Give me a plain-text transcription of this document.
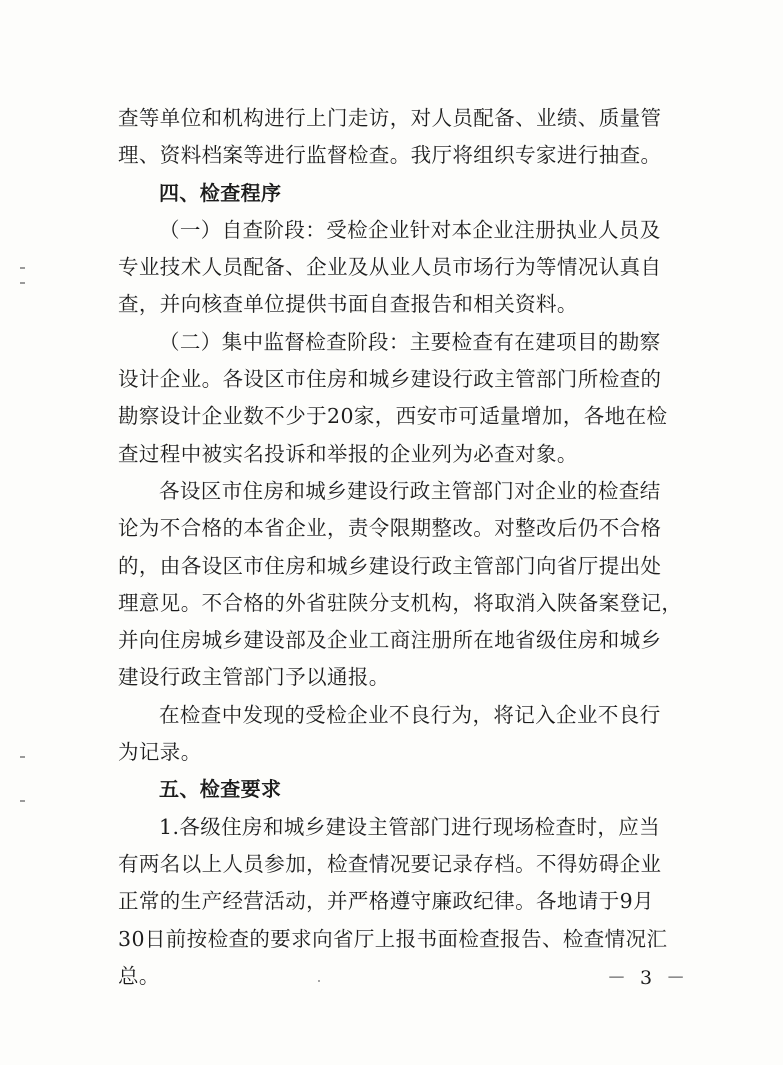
查等单位和机构进行上门走访，对人员配备、业绩、质量管
理、资料档案等进行监督检查。我厅将组织专家进行抽查。
四、检查程序
（一）自查阶段：受检企业针对本企业注册执业人员及
专业技术人员配备、企业及从业人员市场行为等情况认真自
查，并向核查单位提供书面自查报告和相关资料。
（二）集中监督检查阶段：主要检查有在建项目的勘察
设计企业。各设区市住房和城乡建设行政主管部门所检查的
勘察设计企业数不少于20家，西安市可适量增加，各地在检
查过程中被实名投诉和举报的企业列为必查对象。
各设区市住房和城乡建设行政主管部门对企业的检查结
论为不合格的本省企业，责令限期整改。对整改后仍不合格
的，由各设区市住房和城乡建设行政主管部门向省厅提出处
理意见。不合格的外省驻陕分支机构，将取消入陕备案登记，
并向住房城乡建设部及企业工商注册所在地省级住房和城乡
建设行政主管部门予以通报。
在检查中发现的受检企业不良行为，将记入企业不良行
为记录。
五、检查要求
1.各级住房和城乡建设主管部门进行现场检查时，应当
有两名以上人员参加，检查情况要记录存档。不得妨碍企业
正常的生产经营活动，并严格遵守廉政纪律。各地请于9月
30日前按检查的要求向省厅上报书面检查报告、检查情况汇
总。	－ 3 －
